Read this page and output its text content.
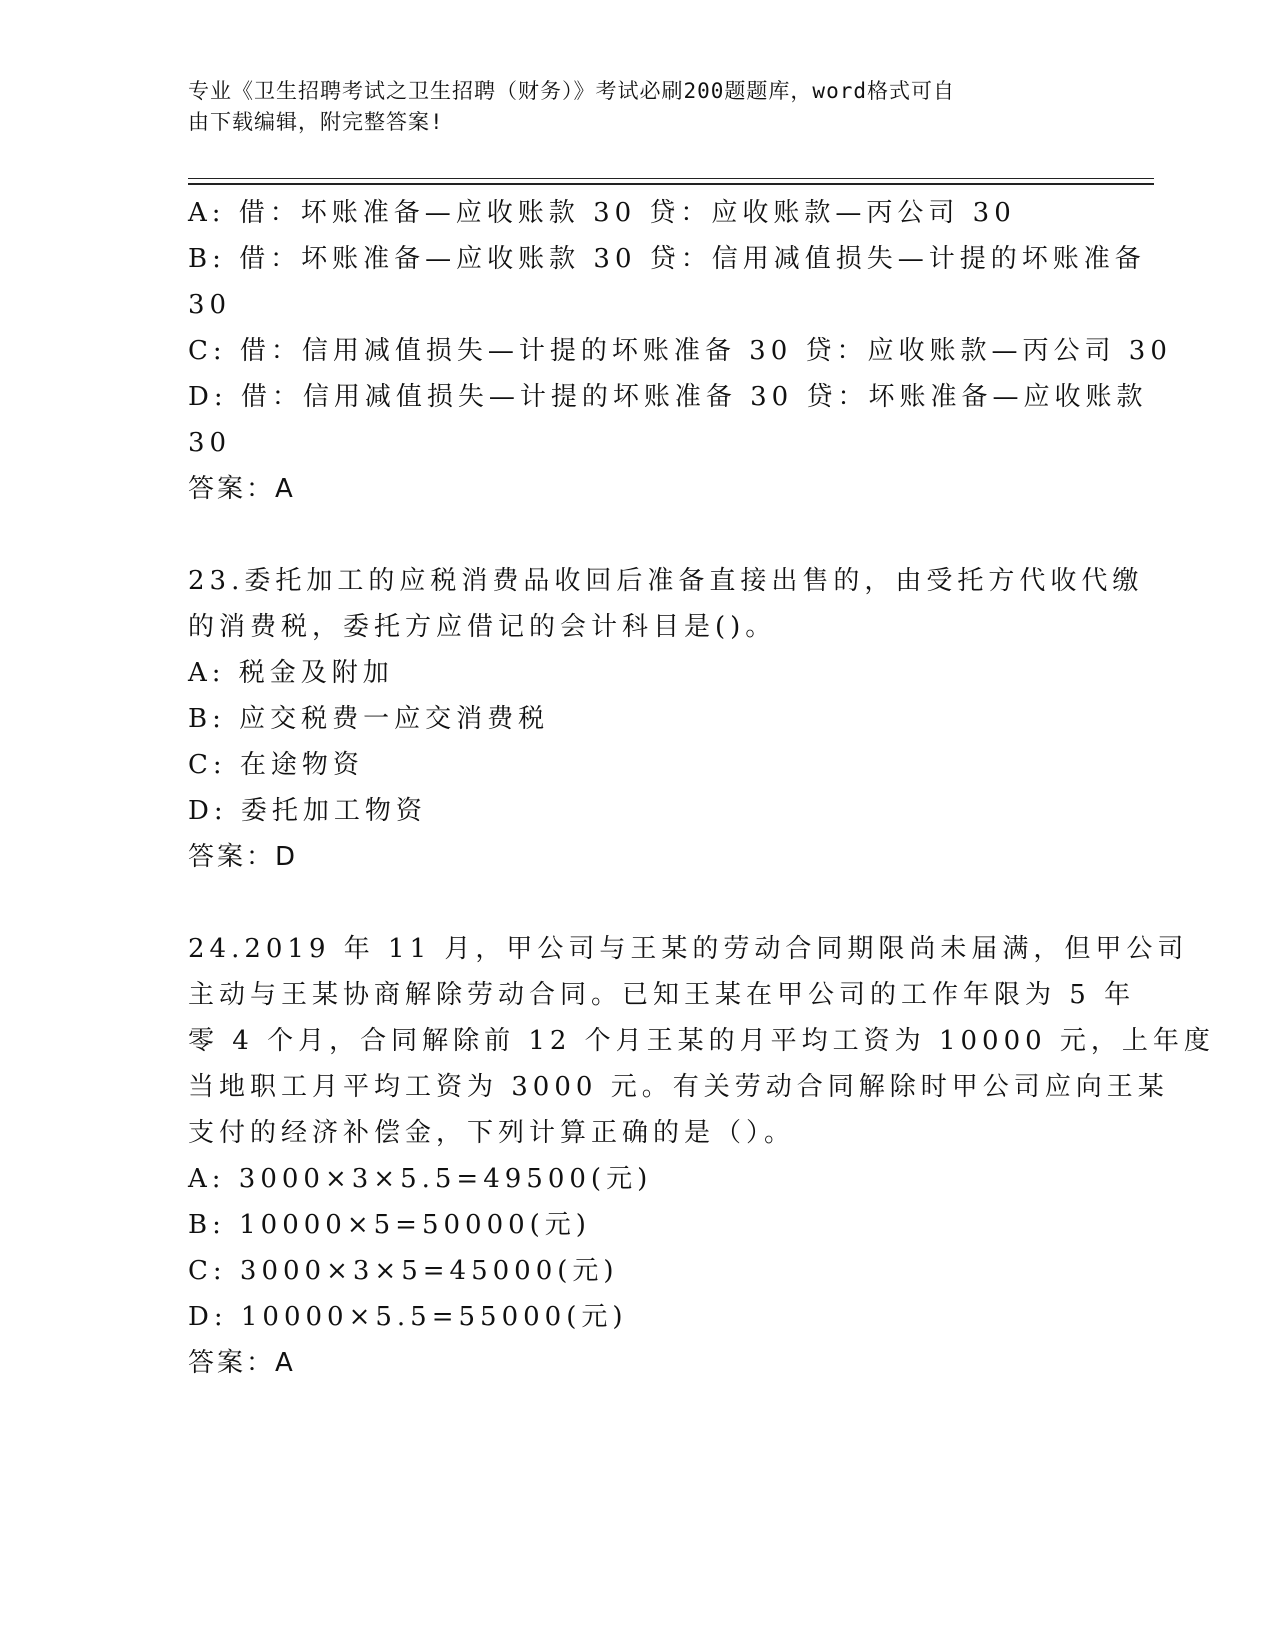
专业《卫生招聘考试之卫生招聘（财务）》考试必刷200题题库，word格式可自
由下载编辑，附完整答案!
A: 借：坏账准备—应收账款 30 贷：应收账款—丙公司 30
B: 借：坏账准备—应收账款 30 贷：信用减值损失—计提的坏账准备
30
C: 借：信用减值损失—计提的坏账准备 30 贷：应收账款—丙公司 30
D: 借：信用减值损失—计提的坏账准备 30 贷：坏账准备—应收账款
30
答案：A
23.委托加工的应税消费品收回后准备直接出售的，由受托方代收代缴
的消费税，委托方应借记的会计科目是()。
A: 税金及附加
B: 应交税费一应交消费税
C: 在途物资
D: 委托加工物资
答案：D
24.2019 年 11 月，甲公司与王某的劳动合同期限尚未届满，但甲公司
主动与王某协商解除劳动合同。已知王某在甲公司的工作年限为 5 年
零 4 个月，合同解除前 12 个月王某的月平均工资为 10000 元，上年度
当地职工月平均工资为 3000 元。有关劳动合同解除时甲公司应向王某
支付的经济补偿金，下列计算正确的是（）。
A: 3000×3×5.5=49500(元)
B: 10000×5=50000(元)
C: 3000×3×5=45000(元)
D: 10000×5.5=55000(元)
答案：A
